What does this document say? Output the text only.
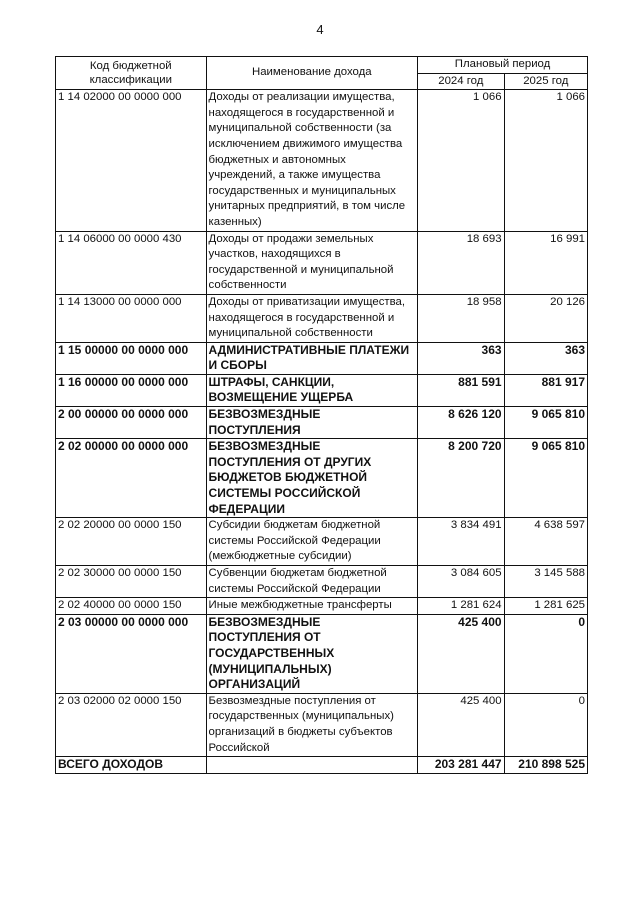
4
Код бюджетной классификации	Наименование дохода	Плановый период	
		2024 год	2025 год
1 14 02000 00 0000 000	Доходы от реализации имущества, находящегося в государственной и муниципальной собственности (за исключением движимого имущества бюджетных и автономных учреждений, а также имущества государственных и муниципальных унитарных предприятий, в том числе казенных)	1 066	1 066
1 14 06000 00 0000 430	Доходы от продажи земельных участков, находящихся в государственной и муниципальной собственности	18 693	16 991
1 14 13000 00 0000 000	Доходы от приватизации имущества, находящегося в государственной и муниципальной собственности	18 958	20 126
1 15 00000 00 0000 000	АДМИНИСТРАТИВНЫЕ ПЛАТЕЖИ И СБОРЫ	363	363
1 16 00000 00 0000 000	ШТРАФЫ, САНКЦИИ, ВОЗМЕЩЕНИЕ УЩЕРБА	881 591	881 917
2 00 00000 00 0000 000	БЕЗВОЗМЕЗДНЫЕ ПОСТУПЛЕНИЯ	8 626 120	9 065 810
2 02 00000 00 0000 000	БЕЗВОЗМЕЗДНЫЕ ПОСТУПЛЕНИЯ ОТ ДРУГИХ БЮДЖЕТОВ БЮДЖЕТНОЙ СИСТЕМЫ РОССИЙСКОЙ ФЕДЕРАЦИИ	8 200 720	9 065 810
2 02 20000 00 0000 150	Субсидии бюджетам бюджетной системы Российской Федерации (межбюджетные субсидии)	3 834 491	4 638 597
2 02 30000 00 0000 150	Субвенции бюджетам бюджетной системы Российской Федерации	3 084 605	3 145 588
2 02 40000 00 0000 150	Иные межбюджетные трансферты	1 281 624	1 281 625
2 03 00000 00 0000 000	БЕЗВОЗМЕЗДНЫЕ ПОСТУПЛЕНИЯ ОТ ГОСУДАРСТВЕННЫХ (МУНИЦИПАЛЬНЫХ) ОРГАНИЗАЦИЙ	425 400	0
2 03 02000 02 0000 150	Безвозмездные поступления от государственных (муниципальных) организаций в бюджеты субъектов Российской	425 400	0
ВСЕГО ДОХОДОВ		203 281 447	210 898 525
